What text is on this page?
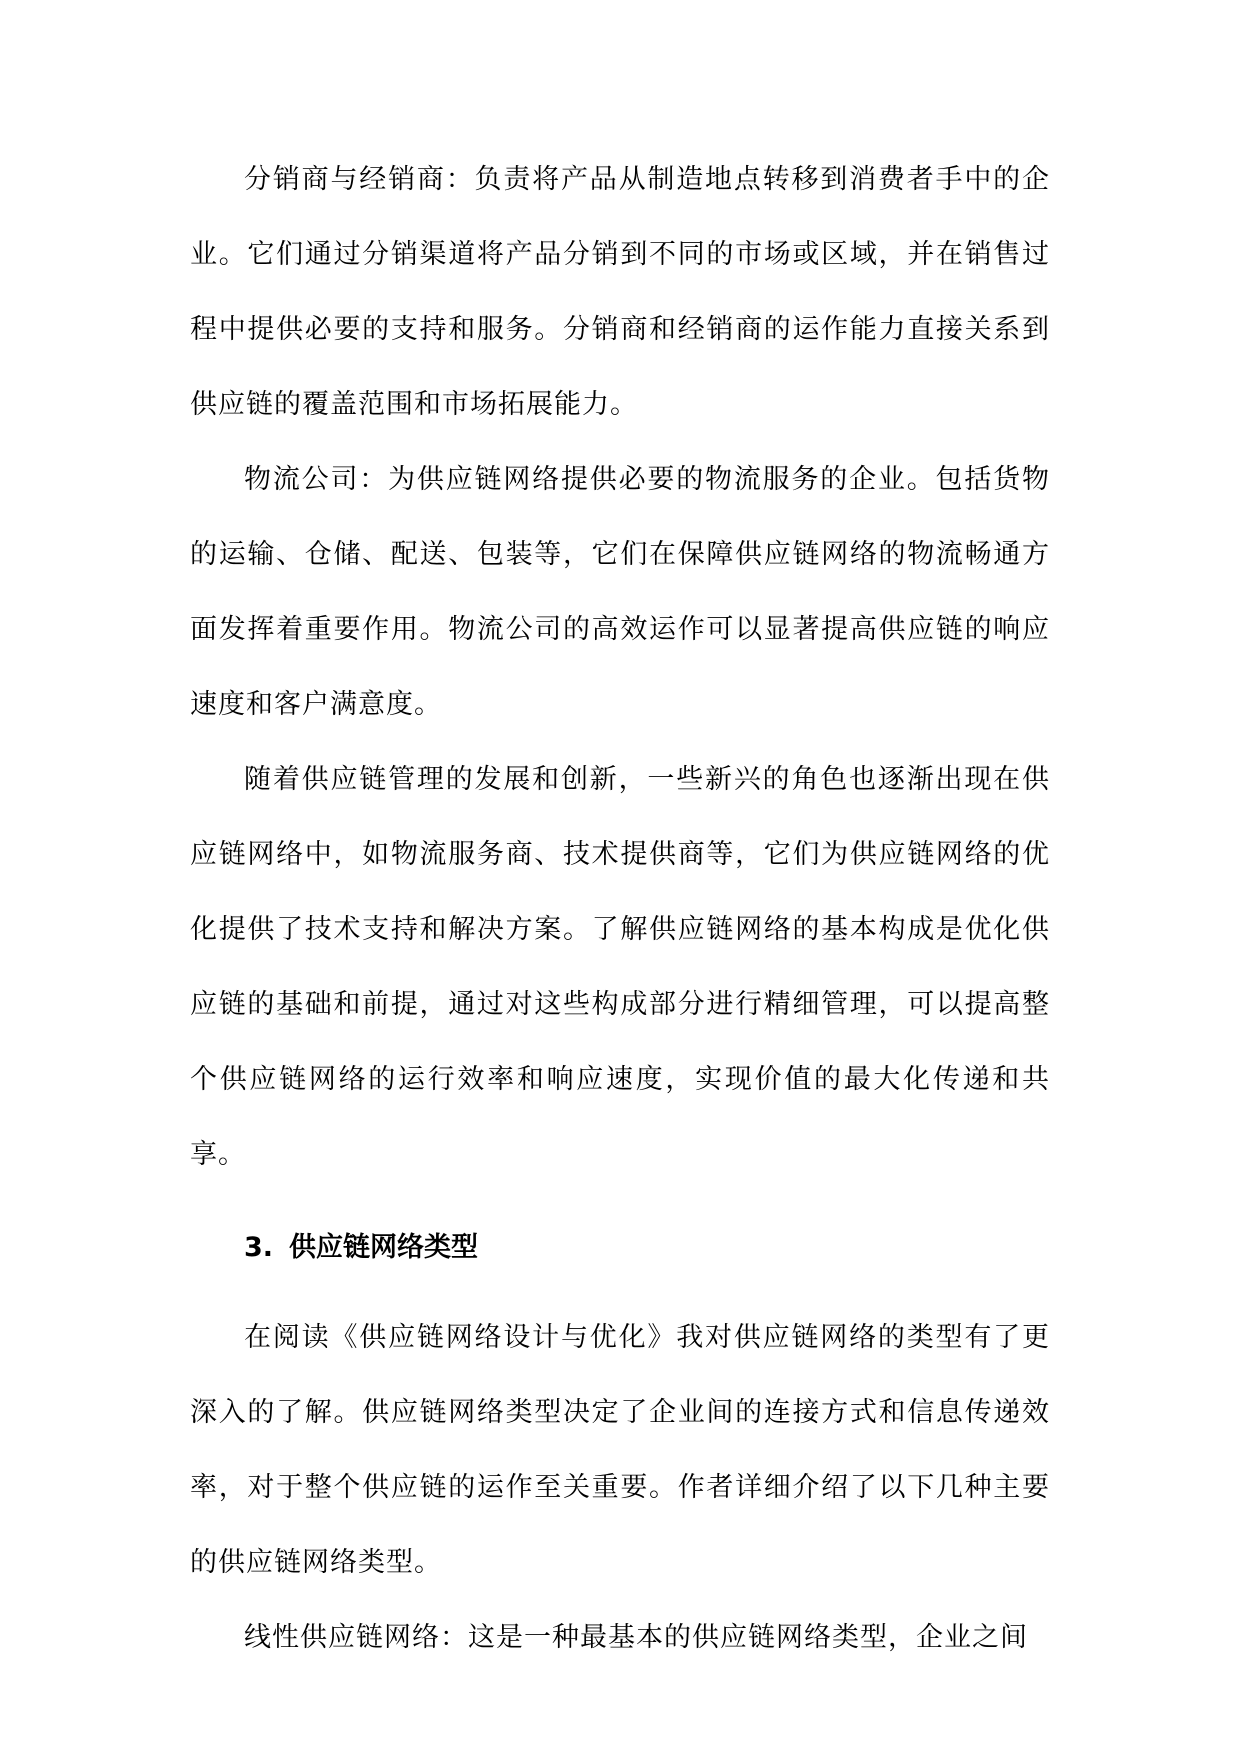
分销商与经销商：负责将产品从制造地点转移到消费者手中的企业。它们通过分销渠道将产品分销到不同的市场或区域，并在销售过程中提供必要的支持和服务。分销商和经销商的运作能力直接关系到供应链的覆盖范围和市场拓展能力。

物流公司：为供应链网络提供必要的物流服务的企业。包括货物的运输、仓储、配送、包装等，它们在保障供应链网络的物流畅通方面发挥着重要作用。物流公司的高效运作可以显著提高供应链的响应速度和客户满意度。

随着供应链管理的发展和创新，一些新兴的角色也逐渐出现在供应链网络中，如物流服务商、技术提供商等，它们为供应链网络的优化提供了技术支持和解决方案。了解供应链网络的基本构成是优化供应链的基础和前提，通过对这些构成部分进行精细管理，可以提高整个供应链网络的运行效率和响应速度，实现价值的最大化传递和共享。

3. 供应链网络类型

在阅读《供应链网络设计与优化》我对供应链网络的类型有了更深入的了解。供应链网络类型决定了企业间的连接方式和信息传递效率，对于整个供应链的运作至关重要。作者详细介绍了以下几种主要的供应链网络类型。

线性供应链网络：这是一种最基本的供应链网络类型，企业之间
